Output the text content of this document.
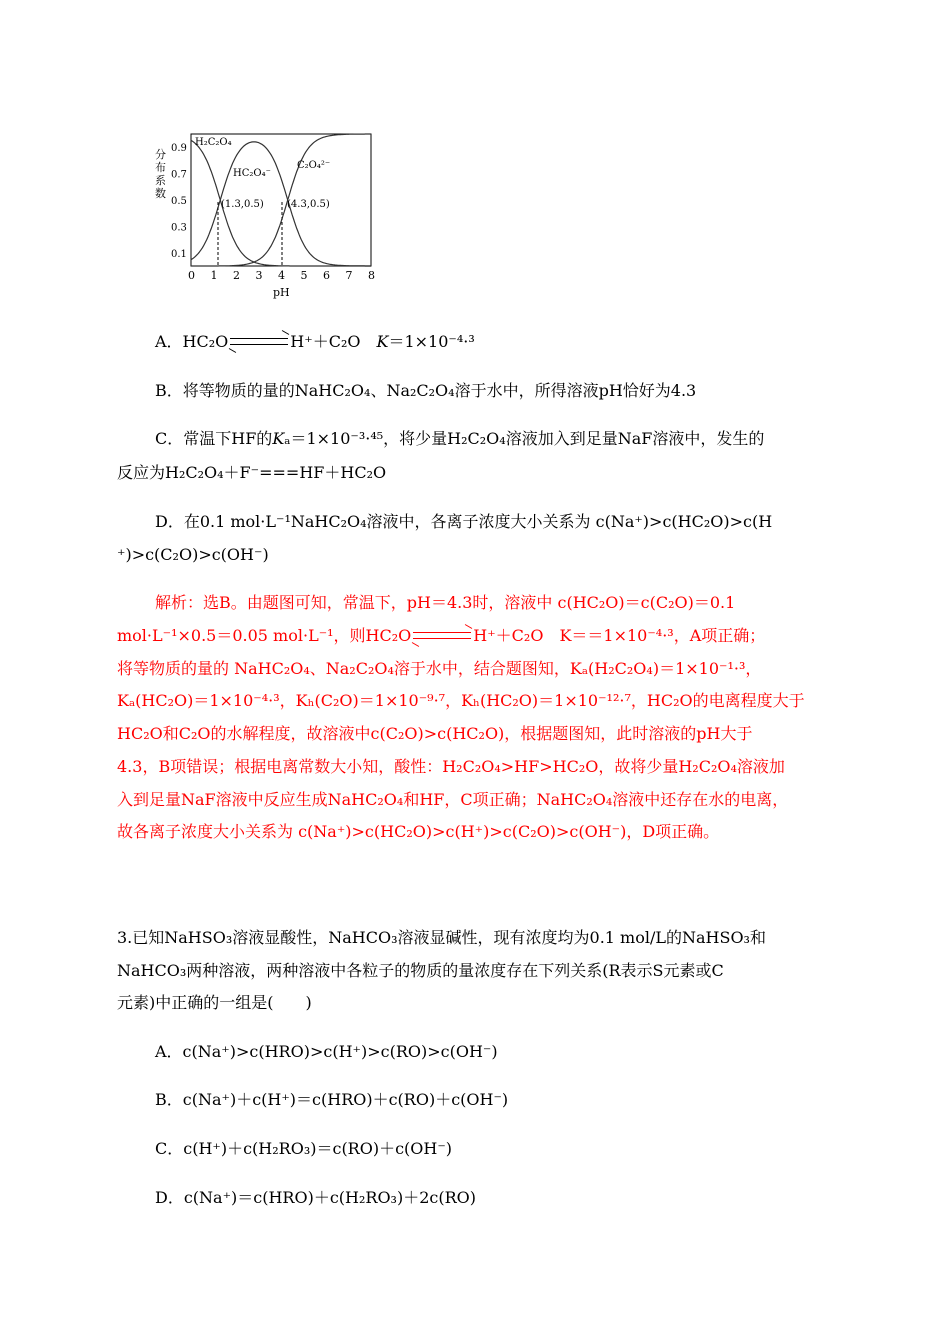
0 1 2 3 4 5 6 7 8
0.1
0.3
0.5
0.7
0.9
(1.3,0.5) (4.3,0.5)
H₂C₂O₄
HC₂O₄⁻
C₂O₄²⁻
分
布
系
数
pH
A．HC₂O ⇌ H⁺＋C₂O　K＝1×10⁻⁴·³
B．将等物质的量的NaHC₂O₄、Na₂C₂O₄溶于水中，所得溶液pH恰好为4.3
C．常温下HF的Kₐ＝1×10⁻³·⁴⁵，将少量H₂C₂O₄溶液加入到足量NaF溶液中，发生的
反应为H₂C₂O₄＋F⁻===HF＋HC₂O
D．在0.1 mol·L⁻¹NaHC₂O₄溶液中，各离子浓度大小关系为 c(Na⁺)>c(HC₂O)>c(H
⁺)>c(C₂O)>c(OH⁻)
解析：选B。由题图可知，常温下，pH＝4.3时，溶液中 c(HC₂O)＝c(C₂O)＝0.1
mol·L⁻¹×0.5＝0.05 mol·L⁻¹，则HC₂O ⇌ H⁺＋C₂O　K＝＝1×10⁻⁴·³，A项正确；
将等物质的量的 NaHC₂O₄、Na₂C₂O₄溶于水中，结合题图知，Kₐ(H₂C₂O₄)＝1×10⁻¹·³，
Kₐ(HC₂O)＝1×10⁻⁴·³，Kₕ(C₂O)＝1×10⁻⁹·⁷，Kₕ(HC₂O)＝1×10⁻¹²·⁷，HC₂O的电离程度大于
HC₂O和C₂O的水解程度，故溶液中c(C₂O)>c(HC₂O)，根据题图知，此时溶液的pH大于
4.3，B项错误；根据电离常数大小知，酸性：H₂C₂O₄>HF>HC₂O，故将少量H₂C₂O₄溶液加
入到足量NaF溶液中反应生成NaHC₂O₄和HF，C项正确；NaHC₂O₄溶液中还存在水的电离，
故各离子浓度大小关系为 c(Na⁺)>c(HC₂O)>c(H⁺)>c(C₂O)>c(OH⁻)，D项正确。
3.已知NaHSO₃溶液显酸性，NaHCO₃溶液显碱性，现有浓度均为0.1 mol/L的NaHSO₃和
NaHCO₃两种溶液，两种溶液中各粒子的物质的量浓度存在下列关系(R表示S元素或C
元素)中正确的一组是(　　)
A．c(Na⁺)>c(HRO)>c(H⁺)>c(RO)>c(OH⁻)
B．c(Na⁺)＋c(H⁺)＝c(HRO)＋c(RO)＋c(OH⁻)
C．c(H⁺)＋c(H₂RO₃)＝c(RO)＋c(OH⁻)
D．c(Na⁺)＝c(HRO)＋c(H₂RO₃)＋2c(RO)
